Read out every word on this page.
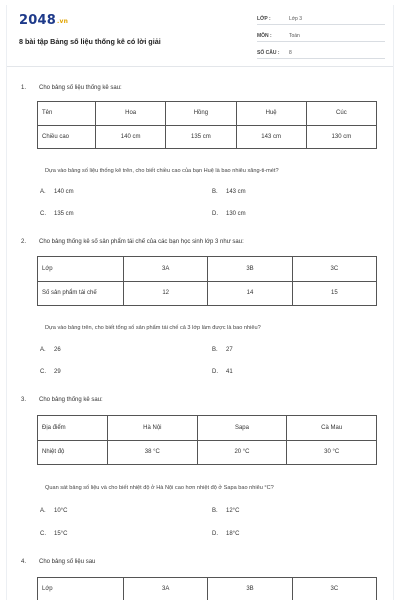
2048.vn
8 bài tập Bảng số liệu thống kê có lời giải
LỚP :	Lớp 3
MÔN :	Toán
SỐ CÂU : 8
1. Cho bảng số liệu thống kê sau:
Tên	Hoa	Hồng	Huệ	Cúc
Chiều cao	140 cm	135 cm	143 cm	130 cm
Dựa vào bảng số liệu thống kê trên, cho biết chiều cao của bạn Huệ là bao nhiêu xăng-ti-mét?
A. 140 cm	B. 143 cm
C. 135 cm	D. 130 cm
2. Cho bảng thống kê số sản phẩm tái chế của các bạn học sinh lớp 3 như sau:
Lớp	3A	3B	3C
Số sản phẩm tái chế	12	14	15
Dựa vào bảng trên, cho biết tổng số sản phẩm tái chế cả 3 lớp làm được là bao nhiêu?
A. 26	B. 27
C. 29	D. 41
3. Cho bảng thống kê sau:
Địa điểm	Hà Nội	Sapa	Cà Mau
Nhiệt độ	38 °C	20 °C	30 °C
Quan sát bảng số liệu và cho biết nhiệt độ ở Hà Nội cao hơn nhiệt độ ở Sapa bao nhiêu °C?
A. 10°C	B. 12°C
C. 15°C	D. 18°C
4. Cho bảng số liệu sau
Lớp	3A	3B	3C
